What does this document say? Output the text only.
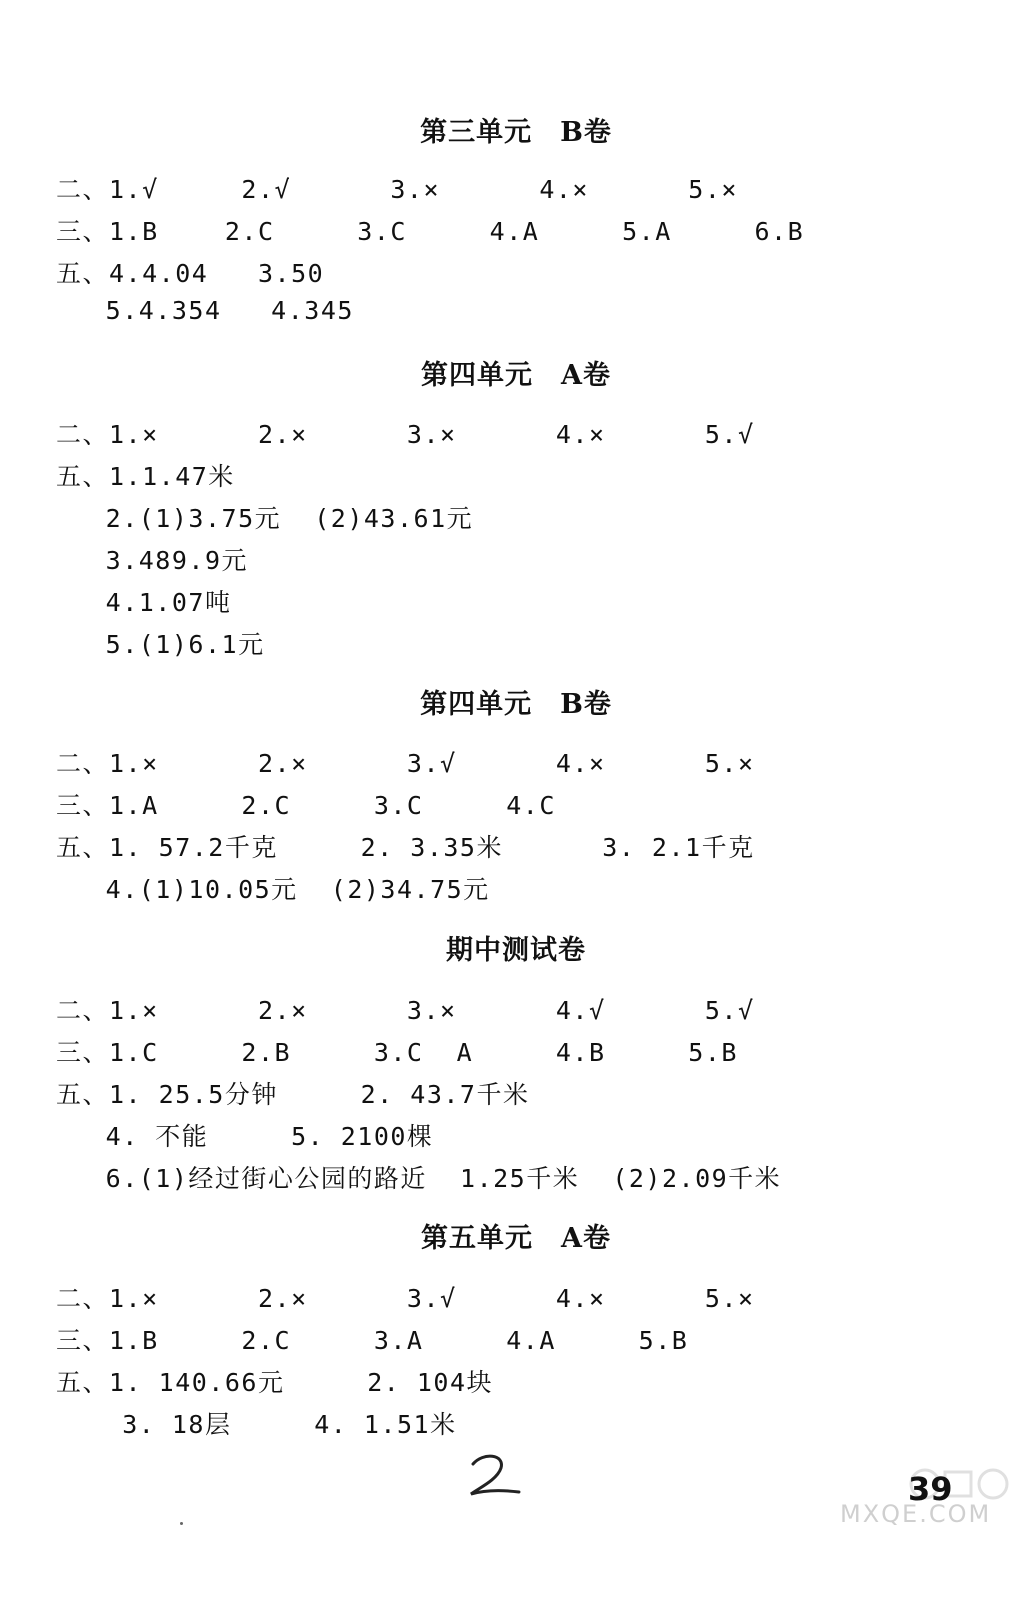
第三单元　B卷
二、1.√     2.√      3.×      4.×      5.×
三、1.B    2.C     3.C     4.A     5.A     6.B
五、4.4.04   3.50
5.4.354   4.345
第四单元　A卷
二、1.×      2.×      3.×      4.×      5.√
五、1.1.47米
2.(1)3.75元  (2)43.61元
3.489.9元
4.1.07吨
5.(1)6.1元
第四单元　B卷
二、1.×      2.×      3.√      4.×      5.×
三、1.A     2.C     3.C     4.C
五、1. 57.2千克     2. 3.35米      3. 2.1千克
4.(1)10.05元  (2)34.75元
期中测试卷
二、1.×      2.×      3.×      4.√      5.√
三、1.C     2.B     3.C  A     4.B     5.B
五、1. 25.5分钟     2. 43.7千米
4. 不能     5. 2100棵
6.(1)经过街心公园的路近  1.25千米  (2)2.09千米
第五单元　A卷
二、1.×      2.×      3.√      4.×      5.×
三、1.B     2.C     3.A     4.A     5.B
五、1. 140.66元     2. 104块
3. 18层     4. 1.51米
39
MXQE.COM
